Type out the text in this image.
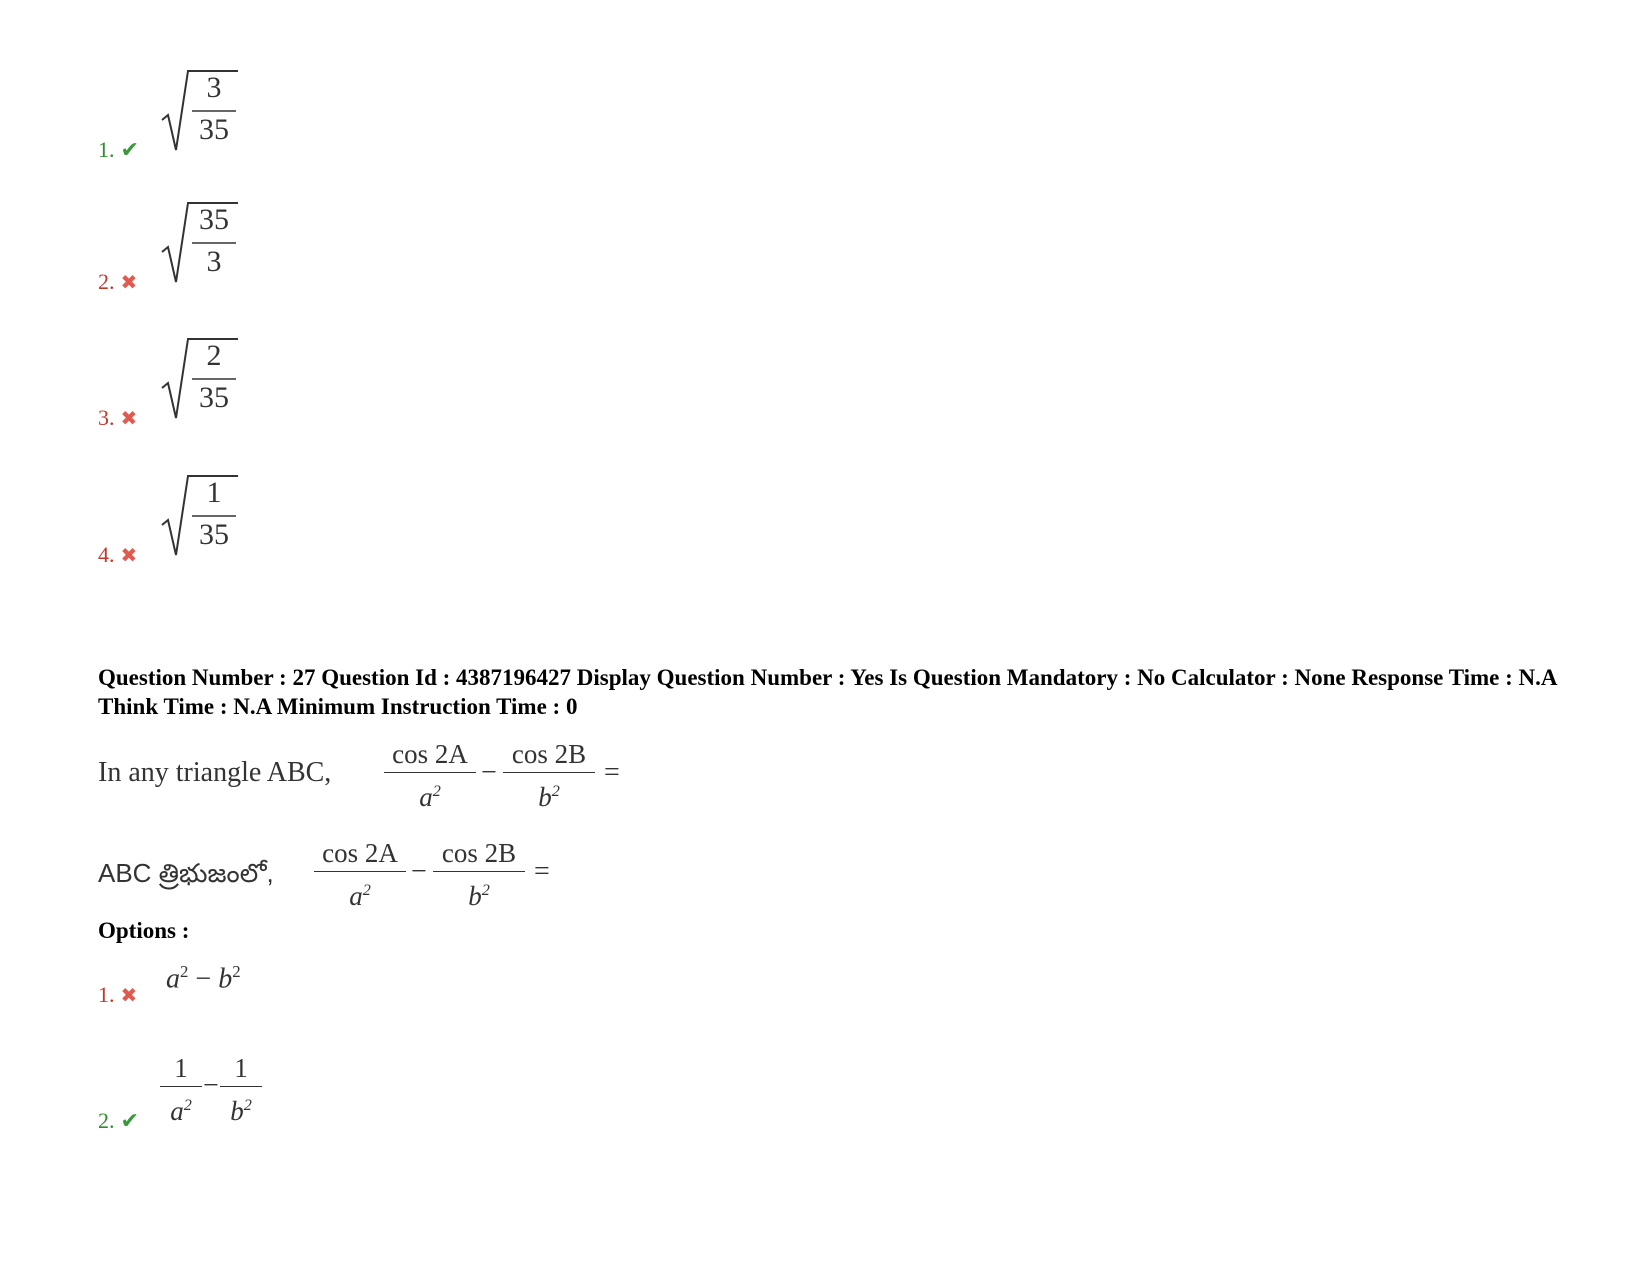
1. ✔
3
35
2. ✖
35
3
3. ✖
2
35
4. ✖
1
35
Question Number : 27 Question Id : 4387196427 Display Question Number : Yes Is Question Mandatory : No Calculator : None Response Time : N.A Think Time : N.A Minimum Instruction Time : 0
In any triangle ABC,
cos 2A
$a^2$
−
cos 2B
$b^2$
=
ABC త్రిభుజంలో,
cos 2A
$a^2$
−
cos 2B
$b^2$
=
Options :
1. ✖
$a^2 - b^2$
2. ✔
1
$a^2$
−
1
$b^2$
